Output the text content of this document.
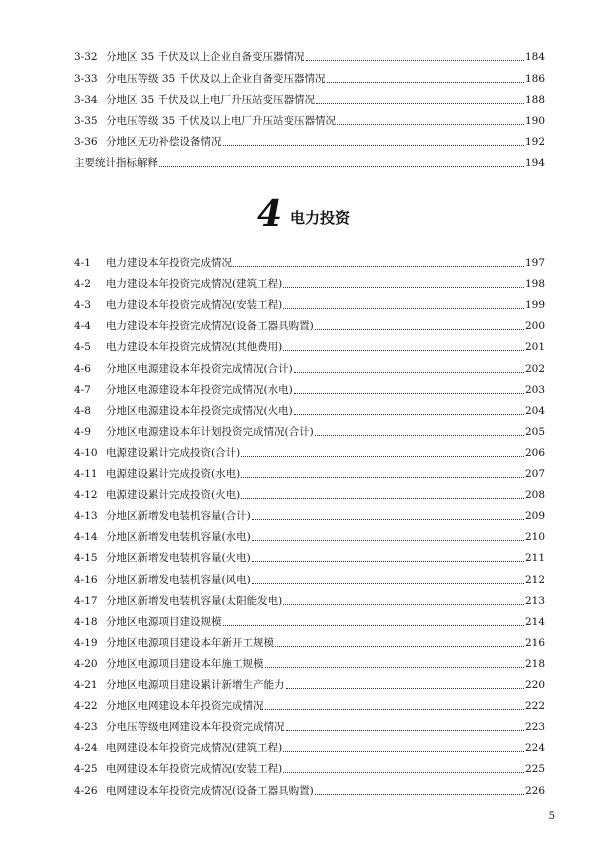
3-32 分地区 35 千伏及以上企业自备变压器情况	184
3-33 分电压等级 35 千伏及以上企业自备变压器情况	186
3-34 分地区 35 千伏及以上电厂升压站变压器情况	188
3-35 分电压等级 35 千伏及以上电厂升压站变压器情况	190
3-36 分地区无功补偿设备情况	192
主要统计指标解释	194
4 电力投资
4-1	电力建设本年投资完成情况	197
4-2	电力建设本年投资完成情况(建筑工程)	198
4-3	电力建设本年投资完成情况(安装工程)	199
4-4	电力建设本年投资完成情况(设备工器具购置)	200
4-5	电力建设本年投资完成情况(其他费用)	201
4-6	分地区电源建设本年投资完成情况(合计)	202
4-7	分地区电源建设本年投资完成情况(水电)	203
4-8	分地区电源建设本年投资完成情况(火电)	204
4-9	分地区电源建设本年计划投资完成情况(合计)	205
4-10 电源建设累计完成投资(合计)	206
4-11 电源建设累计完成投资(水电)	207
4-12 电源建设累计完成投资(火电)	208
4-13 分地区新增发电装机容量(合计)	209
4-14 分地区新增发电装机容量(水电)	210
4-15 分地区新增发电装机容量(火电)	211
4-16 分地区新增发电装机容量(风电)	212
4-17 分地区新增发电装机容量(太阳能发电)	213
4-18 分地区电源项目建设规模	214
4-19 分地区电源项目建设本年新开工规模	216
4-20 分地区电源项目建设本年施工规模	218
4-21 分地区电源项目建设累计新增生产能力	220
4-22 分地区电网建设本年投资完成情况	222
4-23 分电压等级电网建设本年投资完成情况	223
4-24 电网建设本年投资完成情况(建筑工程)	224
4-25 电网建设本年投资完成情况(安装工程)	225
4-26 电网建设本年投资完成情况(设备工器具购置)	226
5
